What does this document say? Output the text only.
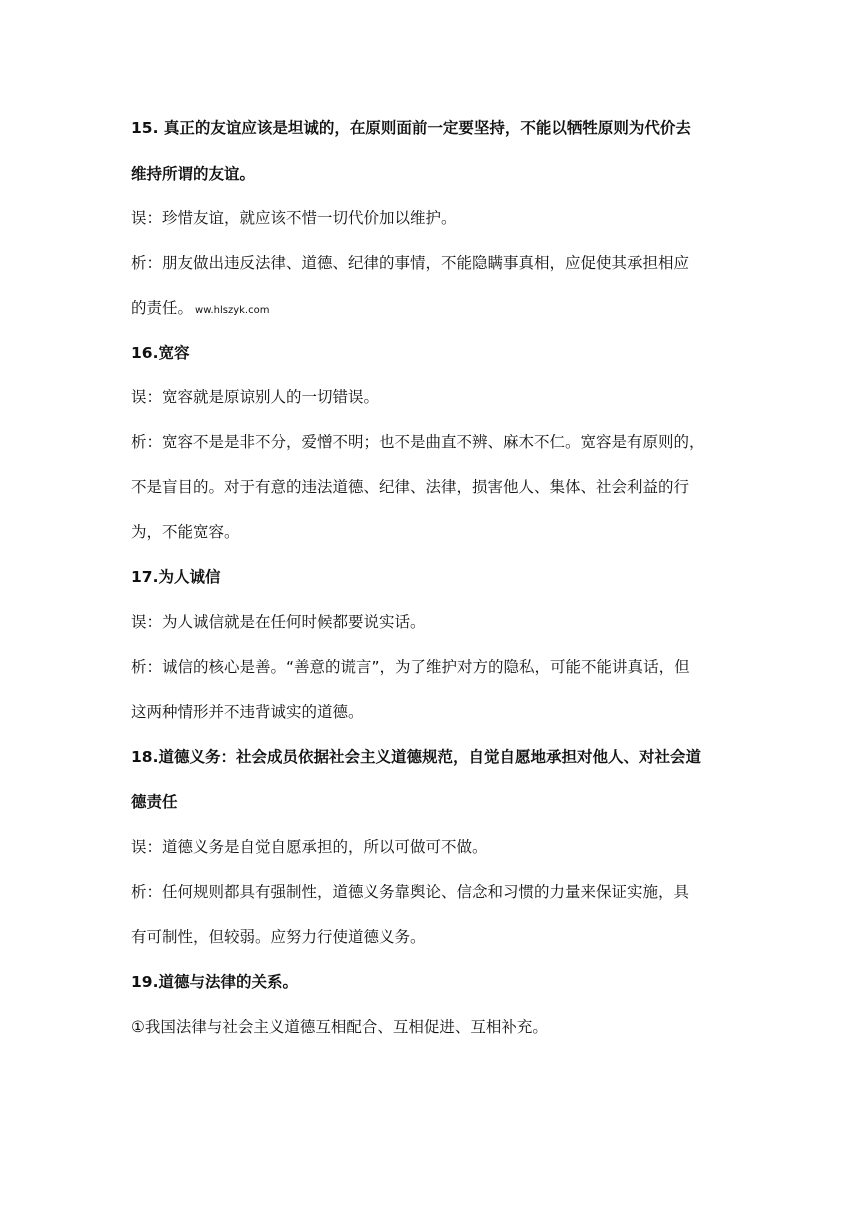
15. 真正的友谊应该是坦诚的，在原则面前一定要坚持，不能以牺牲原则为代价去
维持所谓的友谊。
误：珍惜友谊，就应该不惜一切代价加以维护。
析：朋友做出违反法律、道德、纪律的事情，不能隐瞒事真相，应促使其承担相应
的责任。 ww.hlszyk.com
16.宽容
误：宽容就是原谅别人的一切错误。
析：宽容不是是非不分，爱憎不明；也不是曲直不辨、麻木不仁。宽容是有原则的，
不是盲目的。对于有意的违法道德、纪律、法律，损害他人、集体、社会利益的行
为，不能宽容。
17.为人诚信
误：为人诚信就是在任何时候都要说实话。
析：诚信的核心是善。“善意的谎言”，为了维护对方的隐私，可能不能讲真话，但
这两种情形并不违背诚实的道德。
18.道德义务：社会成员依据社会主义道德规范，自觉自愿地承担对他人、对社会道
德责任
误：道德义务是自觉自愿承担的，所以可做可不做。
析：任何规则都具有强制性，道德义务靠舆论、信念和习惯的力量来保证实施，具
有可制性，但较弱。应努力行使道德义务。
19.道德与法律的关系。
①我国法律与社会主义道德互相配合、互相促进、互相补充。
